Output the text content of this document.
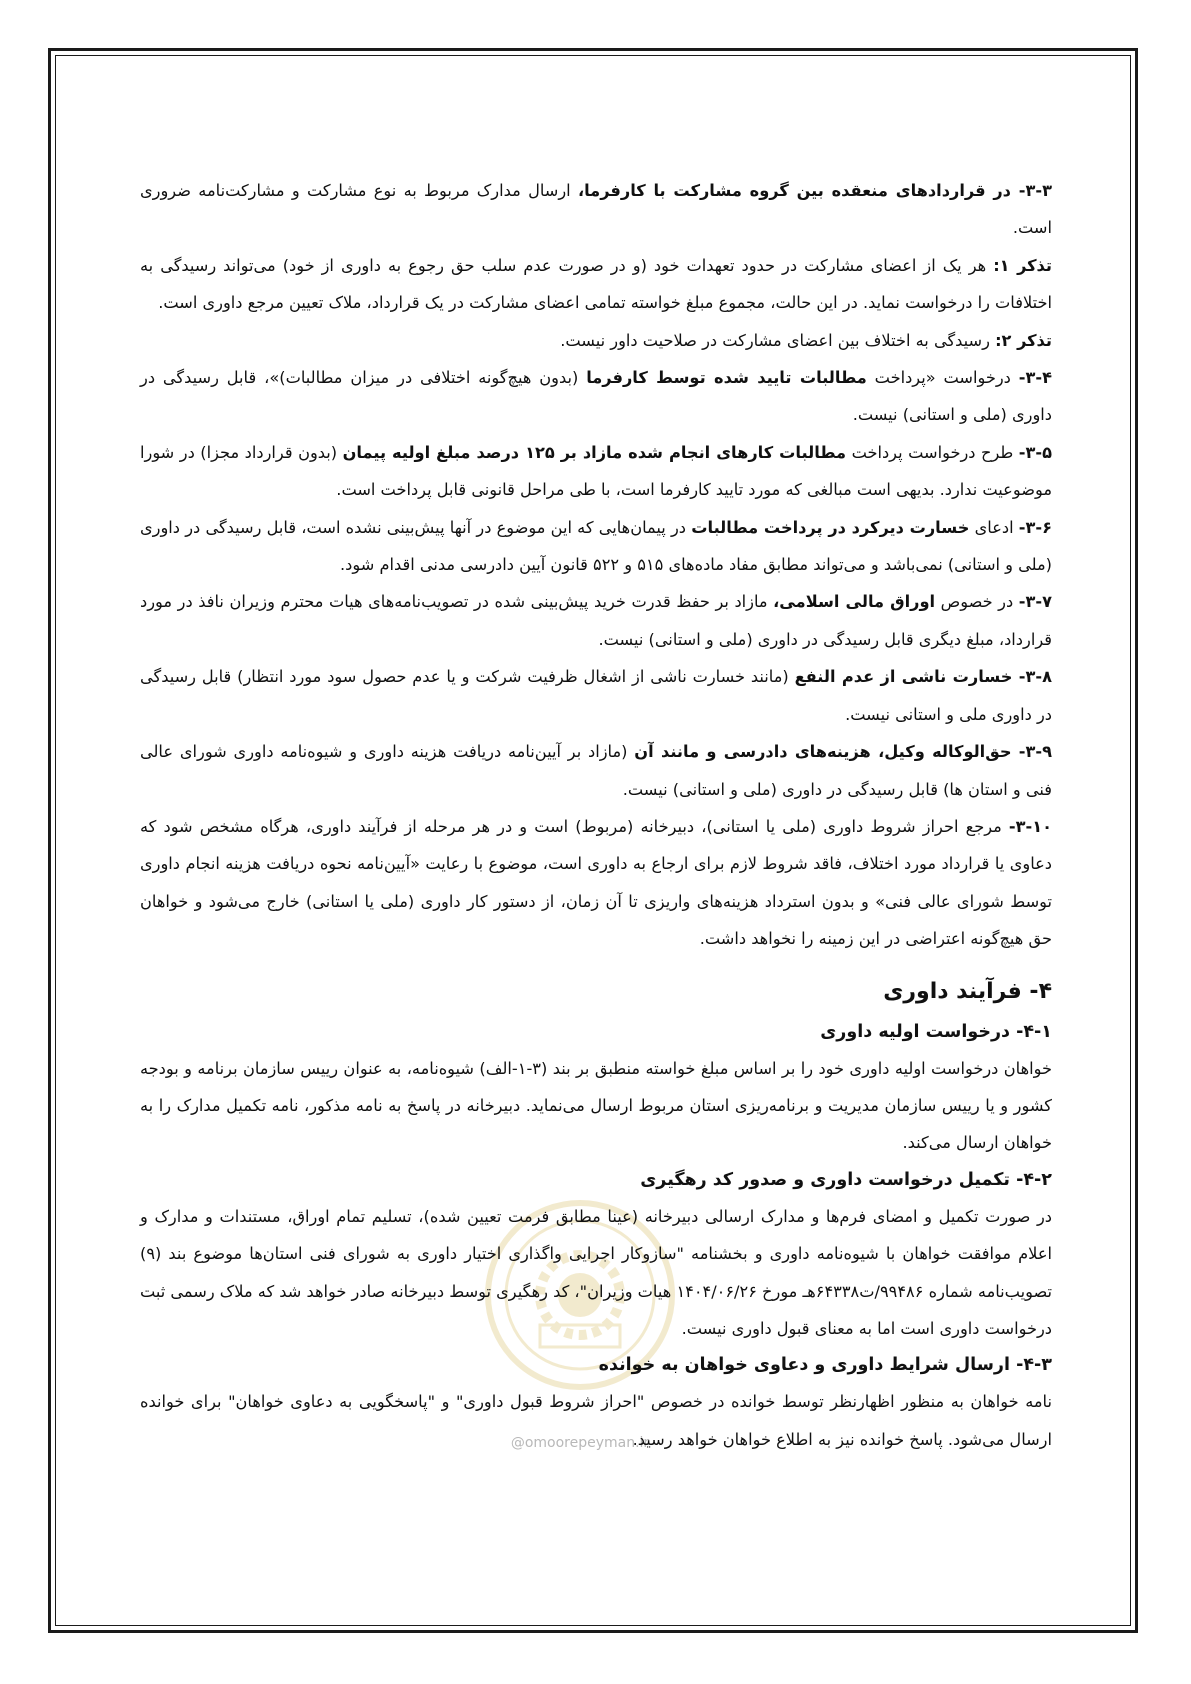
@omoorepeyman.ir

۳-۳- در قراردادهای منعقده بین گروه مشارکت با کارفرما، ارسال مدارک مربوط به نوع مشارکت و مشارکت‌نامه ضروری است.

تذکر ۱: هر یک از اعضای مشارکت در حدود تعهدات خود (و در صورت عدم سلب حق رجوع به داوری از خود) می‌تواند رسیدگی به اختلافات را درخواست نماید. در این حالت، مجموع مبلغ خواسته تمامی اعضای مشارکت در یک قرارداد، ملاک تعیین مرجع داوری است.

تذکر ۲: رسیدگی به اختلاف بین اعضای مشارکت در صلاحیت داور نیست.

۳-۴- درخواست «پرداخت مطالبات تایید شده توسط کارفرما (بدون هیچ‌گونه اختلافی در میزان مطالبات)»، قابل رسیدگی در داوری (ملی و استانی) نیست.

۳-۵- طرح درخواست پرداخت مطالبات کارهای انجام شده مازاد بر ۱۲۵ درصد مبلغ اولیه پیمان (بدون قرارداد مجزا) در شورا موضوعیت ندارد. بدیهی است مبالغی که مورد تایید کارفرما است، با طی مراحل قانونی قابل پرداخت است.

۳-۶- ادعای خسارت دیرکرد در پرداخت مطالبات در پیمان‌هایی که این موضوع در آنها پیش‌بینی نشده است، قابل رسیدگی در داوری (ملی و استانی) نمی‌باشد و می‌تواند مطابق مفاد ماده‌های ۵۱۵ و ۵۲۲ قانون آیین دادرسی مدنی اقدام شود.

۳-۷- در خصوص اوراق مالی اسلامی، مازاد بر حفظ قدرت خرید پیش‌بینی شده در تصویب‌نامه‌های هیات محترم وزیران نافذ در مورد قرارداد، مبلغ دیگری قابل رسیدگی در داوری (ملی و استانی) نیست.

۳-۸- خسارت ناشی از عدم النفع (مانند خسارت ناشی از اشغال ظرفیت شرکت و یا عدم حصول سود مورد انتظار) قابل رسیدگی در داوری ملی و استانی نیست.

۳-۹- حق‌الوکاله وکیل، هزینه‌های دادرسی و مانند آن (مازاد بر آیین‌نامه دریافت هزینه داوری و شیوه‌نامه داوری شورای عالی فنی و استان ها) قابل رسیدگی در داوری (ملی و استانی) نیست.

۳-۱۰- مرجع احراز شروط داوری (ملی یا استانی)، دبیرخانه (مربوط) است و در هر مرحله از فرآیند داوری، هرگاه مشخص شود که دعاوی یا قرارداد مورد اختلاف، فاقد شروط لازم برای ارجاع به داوری است، موضوع با رعایت «آیین‌نامه نحوه دریافت هزینه انجام داوری توسط شورای عالی فنی» و بدون استرداد هزینه‌های واریزی تا آن زمان، از دستور کار داوری (ملی یا استانی) خارج می‌شود و خواهان حق هیچ‌گونه اعتراضی در این زمینه را نخواهد داشت.

۴- فرآیند داوری
۴-۱- درخواست اولیه داوری

خواهان درخواست اولیه داوری خود را بر اساس مبلغ خواسته منطبق بر بند (۳-۱-الف) شیوه‌نامه، به عنوان رییس سازمان برنامه و بودجه کشور و یا رییس سازمان مدیریت و برنامه‌ریزی استان مربوط ارسال می‌نماید. دبیرخانه در پاسخ به نامه مذکور، نامه تکمیل مدارک را به خواهان ارسال می‌کند.

۴-۲- تکمیل درخواست داوری و صدور کد رهگیری

در صورت تکمیل و امضای فرم‌ها و مدارک ارسالی دبیرخانه (عینا مطابق فرمت تعیین شده)، تسلیم تمام اوراق، مستندات و مدارک و اعلام موافقت خواهان با شیوه‌نامه داوری و بخشنامه "سازوکار اجرایی واگذاری اختیار داوری به شورای فنی استان‌ها موضوع بند (۹) تصویب‌نامه شماره ۹۹۴۸۶/ت۶۴۳۳۸هـ مورخ ۱۴۰۴/۰۶/۲۶ هیات وزیران"، کد رهگیری توسط دبیرخانه صادر خواهد شد که ملاک رسمی ثبت درخواست داوری است اما به معنای قبول داوری نیست.

۴-۳- ارسال شرایط داوری و دعاوی خواهان به خوانده

نامه خواهان به منظور اظهارنظر توسط خوانده در خصوص "احراز شروط قبول داوری" و "پاسخگویی به دعاوی خواهان" برای خوانده ارسال می‌شود. پاسخ خوانده نیز به اطلاع خواهان خواهد رسید.
